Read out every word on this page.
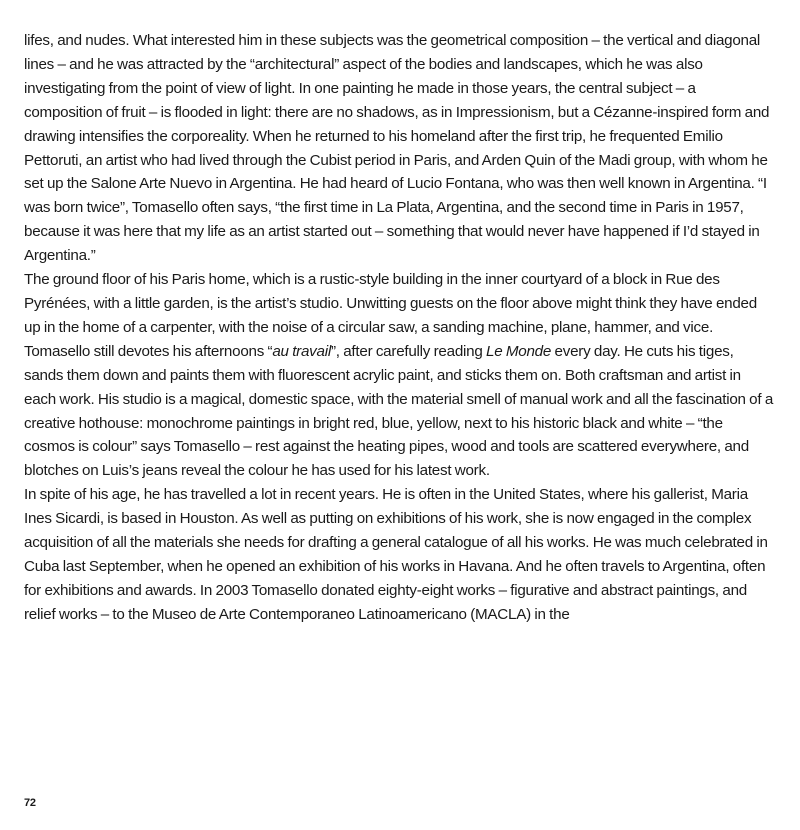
lifes, and nudes. What interested him in these subjects was the geometrical composition – the vertical and diagonal lines – and he was attracted by the “architectural” aspect of the bodies and landscapes, which he was also investigating from the point of view of light. In one painting he made in those years, the central subject – a composition of fruit – is flooded in light: there are no shadows, as in Impressionism, but a Cézanne-inspired form and drawing intensifies the corporeality. When he returned to his homeland after the first trip, he frequented Emilio Pettoruti, an artist who had lived through the Cubist period in Paris, and Arden Quin of the Madi group, with whom he set up the Salone Arte Nuevo in Argentina. He had heard of Lucio Fontana, who was then well known in Argentina. “I was born twice”, Tomasello often says, “the first time in La Plata, Argentina, and the second time in Paris in 1957, because it was here that my life as an artist started out – something that would never have happened if I’d stayed in Argentina.”

The ground floor of his Paris home, which is a rustic-style building in the inner courtyard of a block in Rue des Pyrénées, with a little garden, is the artist’s studio. Unwitting guests on the floor above might think they have ended up in the home of a carpenter, with the noise of a circular saw, a sanding machine, plane, hammer, and vice. Tomasello still devotes his afternoons “au travail”, after carefully reading Le Monde every day. He cuts his tiges, sands them down and paints them with fluorescent acrylic paint, and sticks them on. Both craftsman and artist in each work. His studio is a magical, domestic space, with the material smell of manual work and all the fascination of a creative hothouse: monochrome paintings in bright red, blue, yellow, next to his historic black and white – “the cosmos is colour” says Tomasello – rest against the heating pipes, wood and tools are scattered everywhere, and blotches on Luis’s jeans reveal the colour he has used for his latest work.

In spite of his age, he has travelled a lot in recent years. He is often in the United States, where his gallerist, Maria Ines Sicardi, is based in Houston. As well as putting on exhibitions of his work, she is now engaged in the complex acquisition of all the materials she needs for drafting a general catalogue of all his works. He was much celebrated in Cuba last September, when he opened an exhibition of his works in Havana. And he often travels to Argentina, often for exhibitions and awards. In 2003 Tomasello donated eighty-eight works – figurative and abstract paintings, and relief works – to the Museo de Arte Contemporaneo Latinoamericano (MACLA) in the

72
